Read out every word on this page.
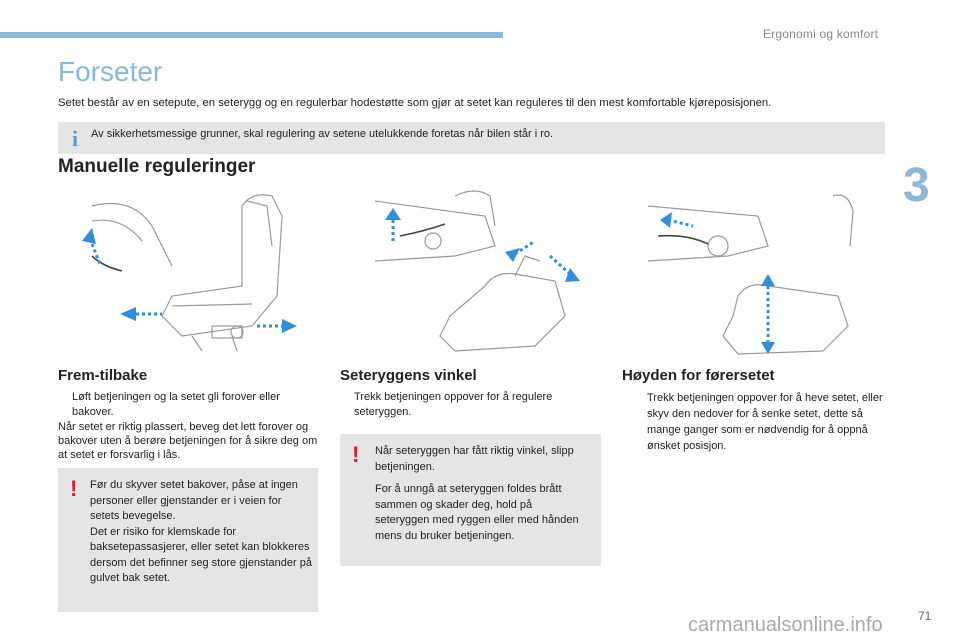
Ergonomi og komfort
3
Forseter
Setet består av en setepute, en seterygg og en regulerbar hodestøtte som gjør at setet kan reguleres til den mest komfortable kjøreposisjonen.
i Av sikkerhetsmessige grunner, skal regulering av setene utelukkende foretas når bilen står i ro.
Manuelle reguleringer
Frem-tilbake
Løft betjeningen og la setet gli forover eller bakover.
Når setet er riktig plassert, beveg det lett forover og bakover uten å berøre betjeningen for å sikre deg om at setet er forsvarlig i lås.
! Før du skyver setet bakover, påse at ingen personer eller gjenstander er i veien for setets bevegelse.
Det er risiko for klemskade for baksetepassasjerer, eller setet kan blokkeres dersom det befinner seg store gjenstander på gulvet bak setet.
Seteryggens vinkel
Trekk betjeningen oppover for å regulere seteryggen.
! Når seteryggen har fått riktig vinkel, slipp betjeningen.
For å unngå at seteryggen foldes brått sammen og skader deg, hold på seteryggen med ryggen eller med hånden mens du bruker betjeningen.
Høyden for førersetet
Trekk betjeningen oppover for å heve setet, eller skyv den nedover for å senke setet, dette så mange ganger som er nødvendig for å oppnå ønsket posisjon.
carmanualsonline.info	71
